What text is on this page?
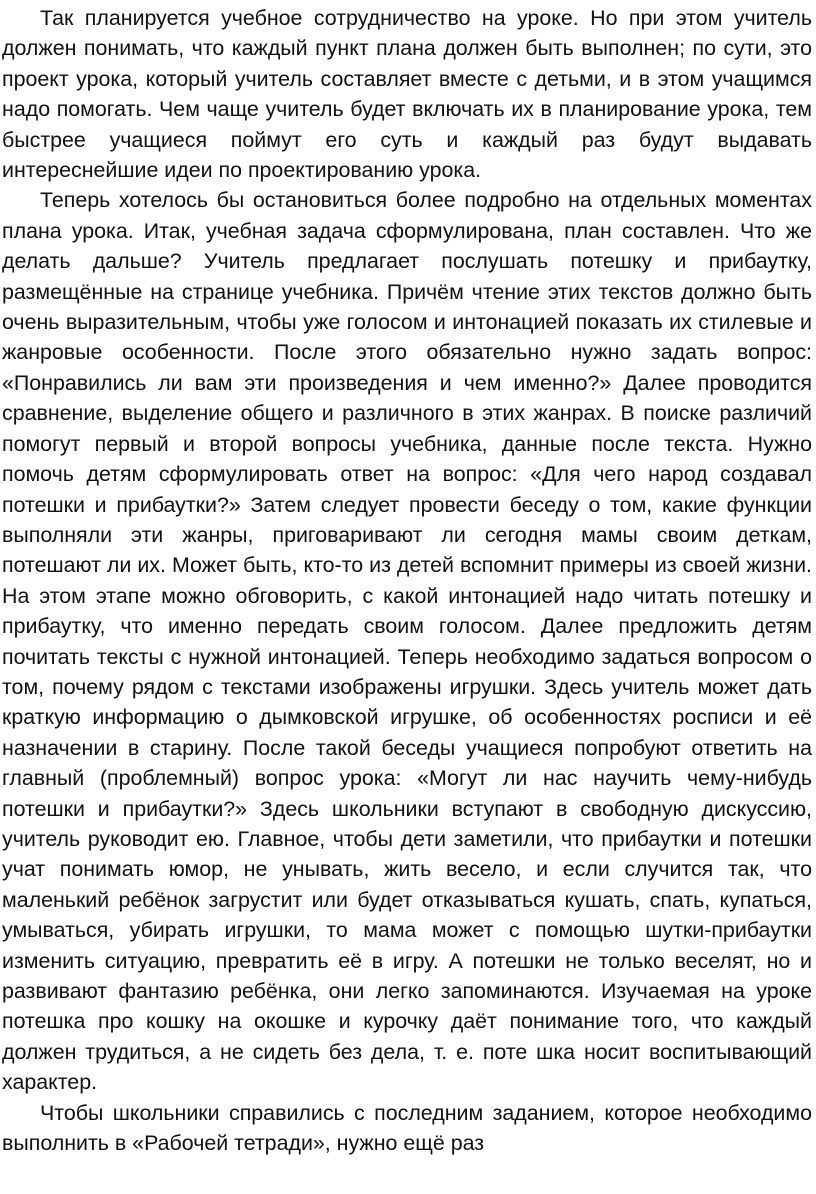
Так планируется учебное сотрудничество на уроке. Но при этом учитель должен понимать, что каждый пункт плана должен быть выполнен; по сути, это проект урока, который учитель составляет вместе с детьми, и в этом учащимся надо помогать. Чем чаще учитель будет включать их в планирование урока, тем быстрее учащиеся поймут его суть и каждый раз будут выдавать интереснейшие идеи по проектированию урока.

Теперь хотелось бы остановиться более подробно на отдельных моментах плана урока. Итак, учебная задача сформулирована, план составлен. Что же делать дальше? Учитель предлагает послушать потешку и прибаутку, размещённые на странице учебника. Причём чтение этих текстов должно быть очень выразительным, чтобы уже голосом и интонацией показать их стилевые и жанровые особенности. После этого обязательно нужно задать вопрос: «Понравились ли вам эти произведения и чем именно?» Далее проводится сравнение, выделение общего и различного в этих жанрах. В поиске различий помогут первый и второй вопросы учебника, данные после текста. Нужно помочь детям сформулировать ответ на вопрос: «Для чего народ создавал потешки и прибаутки?» Затем следует провести беседу о том, какие функции выполняли эти жанры, приговаривают ли сегодня мамы своим деткам, потешают ли их. Может быть, кто-то из детей вспомнит примеры из своей жизни. На этом этапе можно обговорить, с какой интонацией надо читать потешку и прибаутку, что именно передать своим голосом. Далее предложить детям почитать тексты с нужной интонацией. Теперь необходимо задаться вопросом о том, почему рядом с текстами изображены игрушки. Здесь учитель может дать краткую информацию о дымковской игрушке, об особенностях росписи и её назначении в старину. После такой беседы учащиеся попробуют ответить на главный (проблемный) вопрос урока: «Могут ли нас научить чему-нибудь потешки и прибаутки?» Здесь школьники вступают в свободную дискуссию, учитель руководит ею. Главное, чтобы дети заметили, что прибаутки и потешки учат понимать юмор, не унывать, жить весело, и если случится так, что маленький ребёнок загрустит или будет отказываться кушать, спать, купаться, умываться, убирать игрушки, то мама может с помощью шутки-прибаутки изменить ситуацию, превратить её в игру. А потешки не только веселят, но и развивают фантазию ребёнка, они легко запоминаются. Изучаемая на уроке потешка про кошку на окошке и курочку даёт понимание того, что каждый должен трудиться, а не сидеть без дела, т. е. поте шка носит воспитывающий характер.

Чтобы школьники справились с последним заданием, которое необходимо выполнить в «Рабочей тетради», нужно ещё раз
